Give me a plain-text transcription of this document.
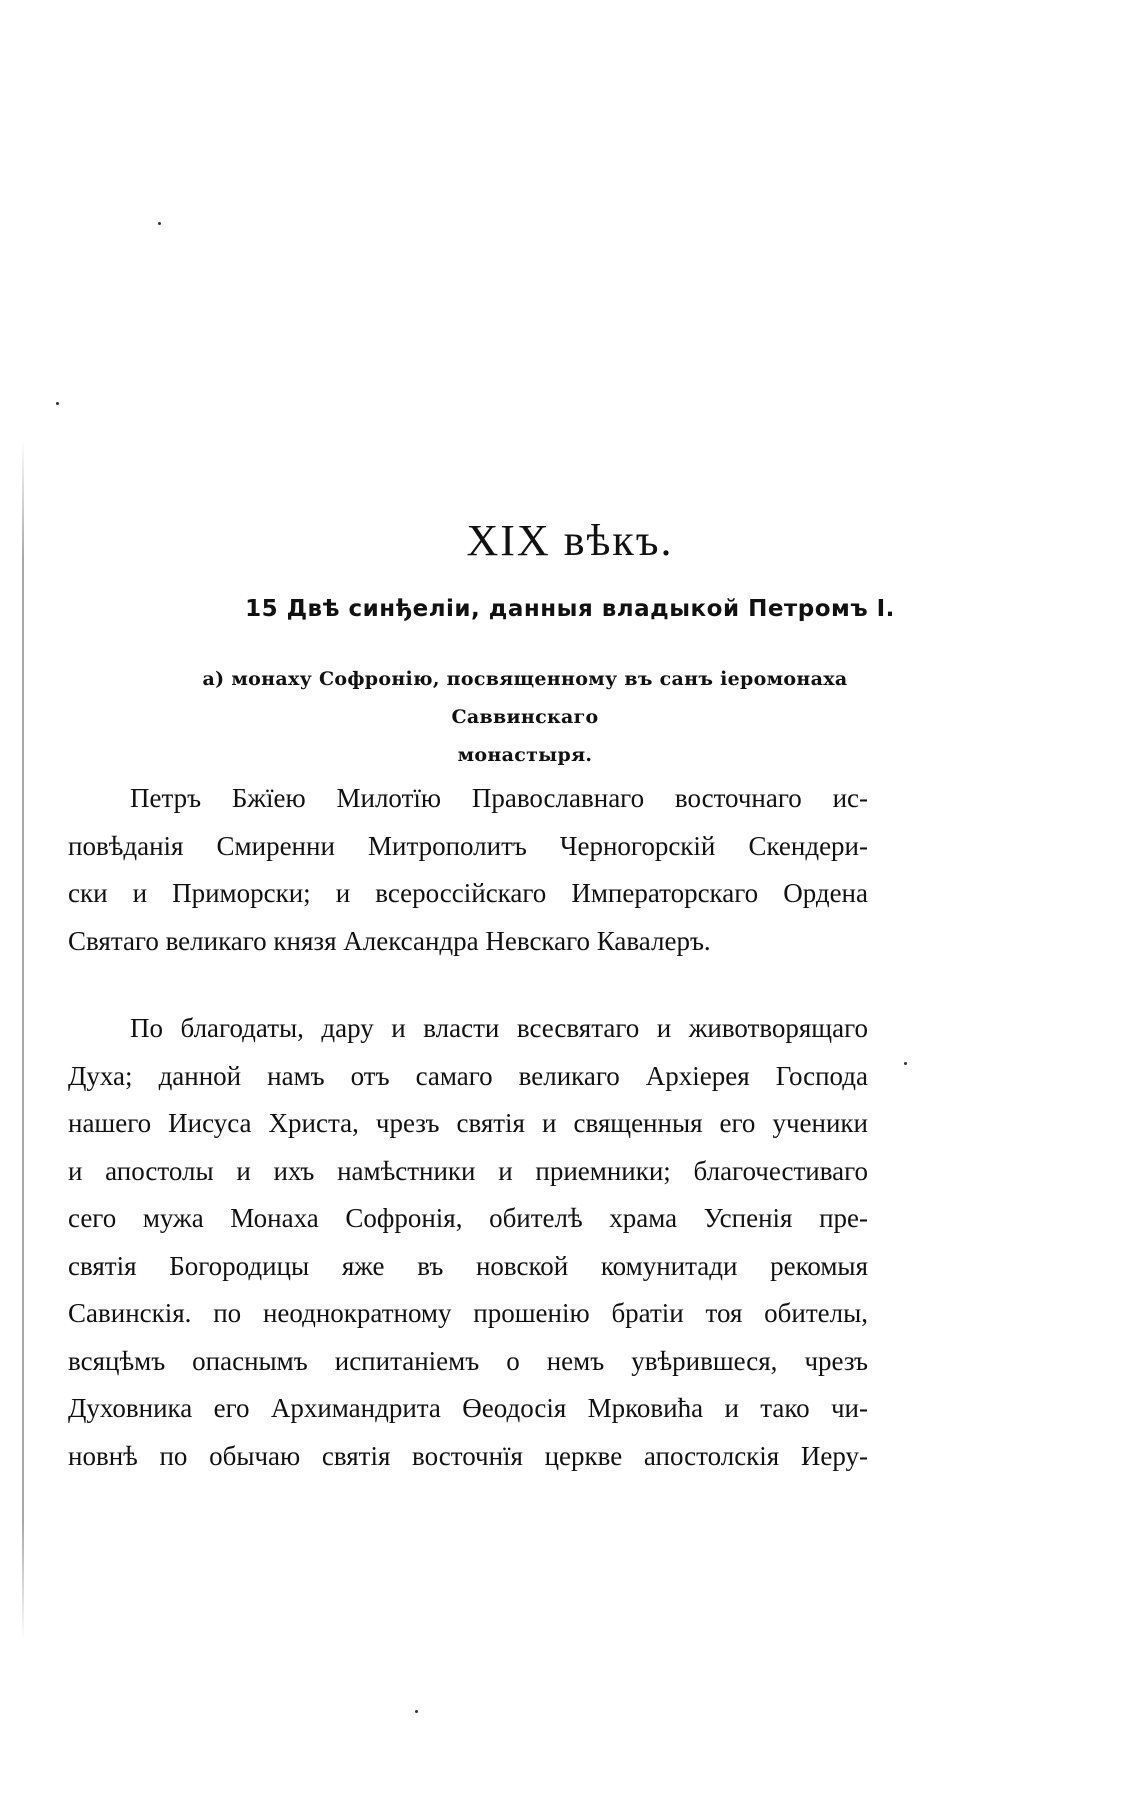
XIX вѣкъ.
15 Двѣ синђеліи, данныя владыкой Петромъ I.
а) монаху Софронію, посвященному въ санъ іеромонаха Саввинскаго
монастыря.
Петръ Бжїею Милотїю Православнаго восточнаго ис-
повѣданія Смиренни Митрополитъ Черногорскій Скендери-
ски и Приморски; и всероссійскаго Императорскаго Ордена
Святаго великаго князя Александра Невскаго Кавалеръ.
По благодаты, дару и власти всесвятаго и животворящаго
Духа; данной намъ отъ самаго великаго Архіерея Господа
нашего Иисуса Христа, чрезъ святія и священныя его ученики
и апостолы и ихъ намѣстники и приемники; благочестиваго
сего мужа Монаха Софронія, обителѣ храма Успенія пре-
святія Богородицы яже въ новской комунитади рекомыя
Савинскія. по неоднократному прошенію братіи тоя обителы,
всяцѣмъ опаснымъ испитаніемъ о немъ увѣрившеся, чрезъ
Духовника его Архимандрита Өеодосія Мрковиħа и тако чи-
новнѣ по обычаю святія восточнїя церкве апостолскія Иеру-
